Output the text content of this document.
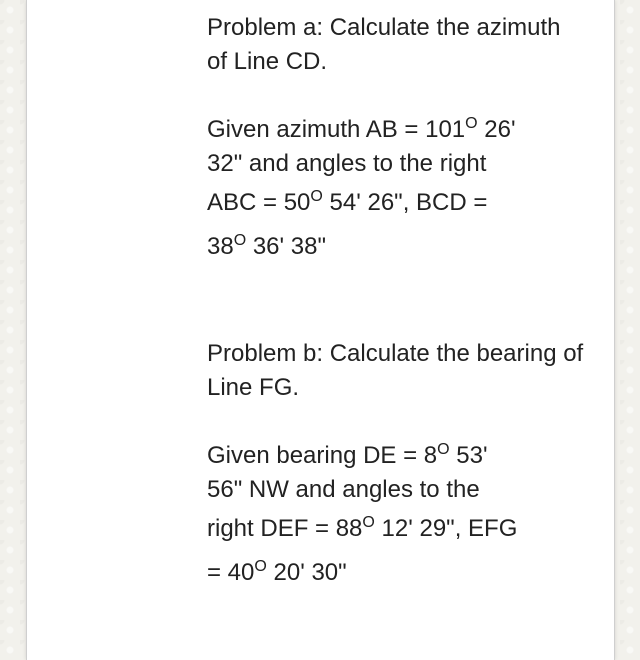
Problem a: Calculate the azimuth of Line CD.

Given azimuth AB = $101^O$ 26'

32" and angles to the right

ABC = $50^O$ 54' 26", BCD =

$38^O$ 36' 38"

Problem b: Calculate the bearing of Line FG.

Given bearing DE = $8^O$ 53'

56" NW and angles to the

right DEF = $88^O$ 12' 29", EFG

= $40^O$ 20' 30"
